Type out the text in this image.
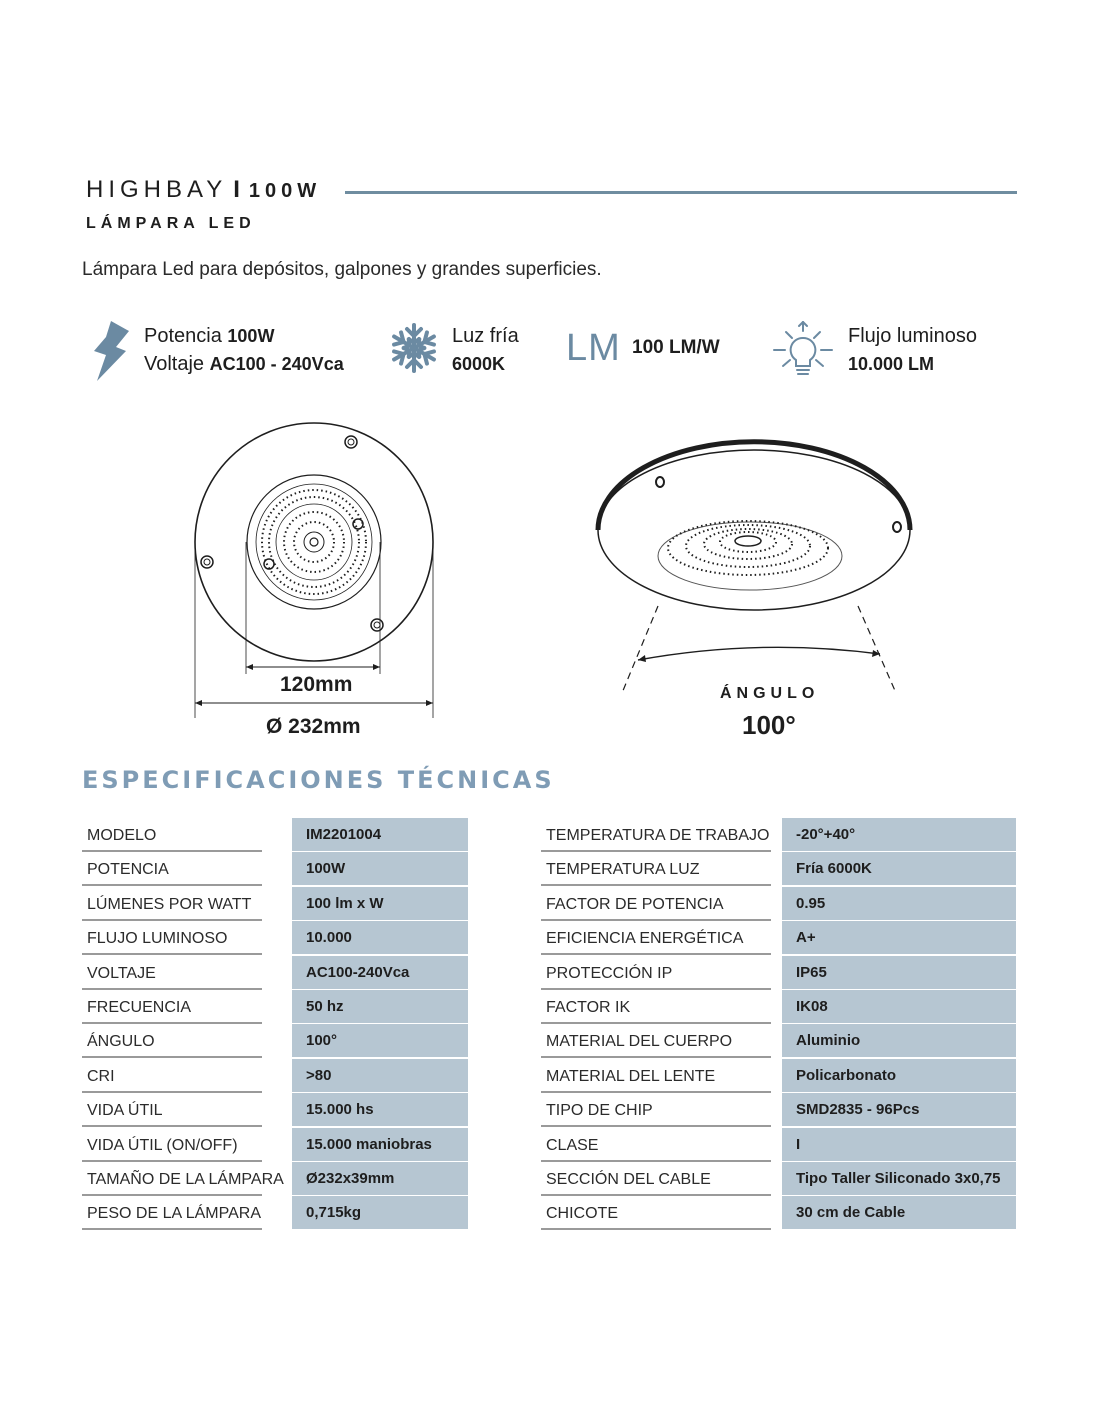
HIGHBAY I 100W
LÁMPARA LED
Lámpara Led para depósitos, galpones y grandes superficies.
Potencia 100W
Voltaje AC100 - 240Vca
Luz fría
6000K	LM 100 LM/W
Flujo luminoso
10.000 LM
120mm
Ø 232mm
ÁNGULO
100°
ESPECIFICACIONES TÉCNICAS
MODELO	IM2201004
POTENCIA	100W
LÚMENES POR WATT	100 lm x W
FLUJO LUMINOSO	10.000
VOLTAJE	AC100-240Vca
FRECUENCIA	50 hz
ÁNGULO	100°
CRI	>80
VIDA ÚTIL	15.000 hs
VIDA ÚTIL (ON/OFF)	15.000 maniobras
TAMAÑO DE LA LÁMPARA Ø232x39mm
PESO DE LA LÁMPARA	0,715kg
TEMPERATURA DE TRABAJO -20°+40°
TEMPERATURA LUZ	Fría 6000K
FACTOR DE POTENCIA	0.95
EFICIENCIA ENERGÉTICA	A+
PROTECCIÓN IP	IP65
FACTOR IK	IK08
MATERIAL DEL CUERPO	Aluminio
MATERIAL DEL LENTE	Policarbonato
TIPO DE CHIP	SMD2835 - 96Pcs
CLASE	I
SECCIÓN DEL CABLE	Tipo Taller Siliconado 3x0,75
CHICOTE	30 cm de Cable
